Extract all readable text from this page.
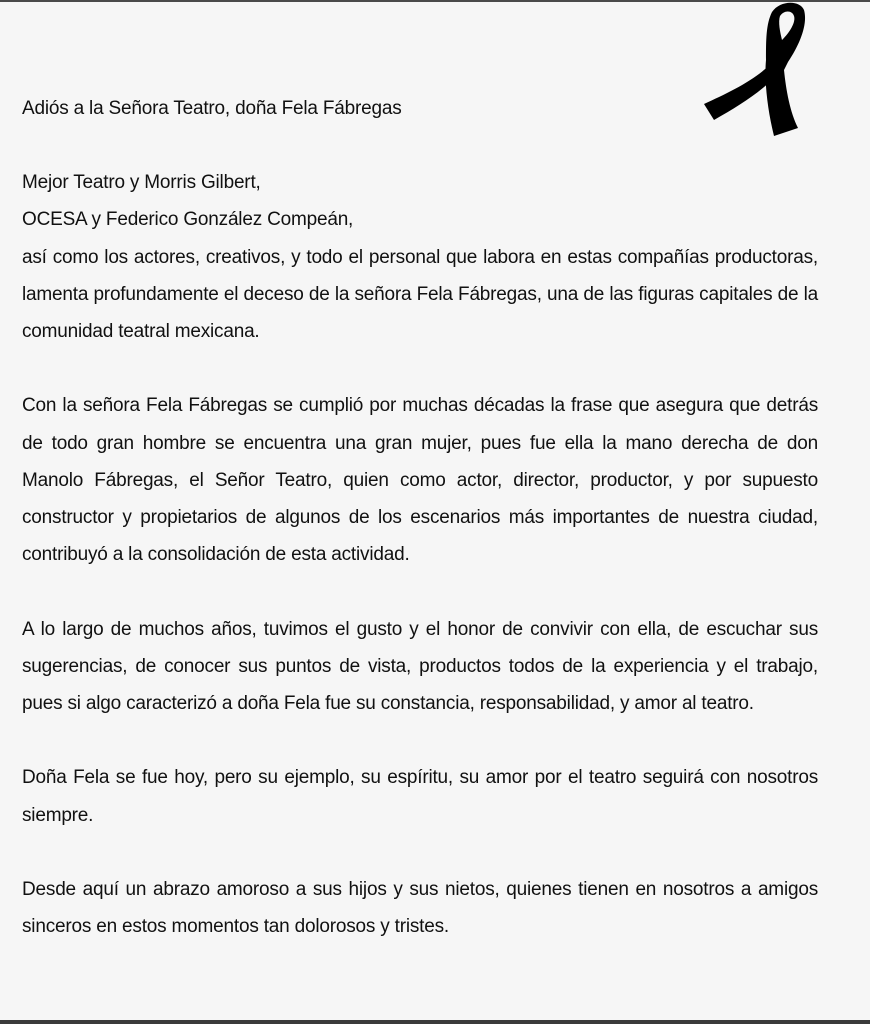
Adiós a la Señora Teatro, doña Fela Fábregas
Mejor Teatro y Morris Gilbert,
OCESA y Federico González Compeán,

así como los actores, creativos, y todo el personal que labora en estas compañías productoras, lamenta profundamente el deceso de la señora Fela Fábregas, una de las figuras capitales de la comunidad teatral mexicana.

Con la señora Fela Fábregas se cumplió por muchas décadas la frase que asegura que detrás de todo gran hombre se encuentra una gran mujer, pues fue ella la mano derecha de don Manolo Fábregas, el Señor Teatro, quien como actor, director, productor, y por supuesto constructor y propietarios de algunos de los escenarios más importantes de nuestra ciudad, contribuyó a la consolidación de esta actividad.

A lo largo de muchos años, tuvimos el gusto y el honor de convivir con ella, de escuchar sus sugerencias, de conocer sus puntos de vista, productos todos de la experiencia y el trabajo, pues si algo caracterizó a doña Fela fue su constancia, responsabilidad, y amor al teatro.

Doña Fela se fue hoy, pero su ejemplo, su espíritu, su amor por el teatro seguirá con nosotros siempre.

Desde aquí un abrazo amoroso a sus hijos y sus nietos, quienes tienen en nosotros a amigos sinceros en estos momentos tan dolorosos y tristes.
